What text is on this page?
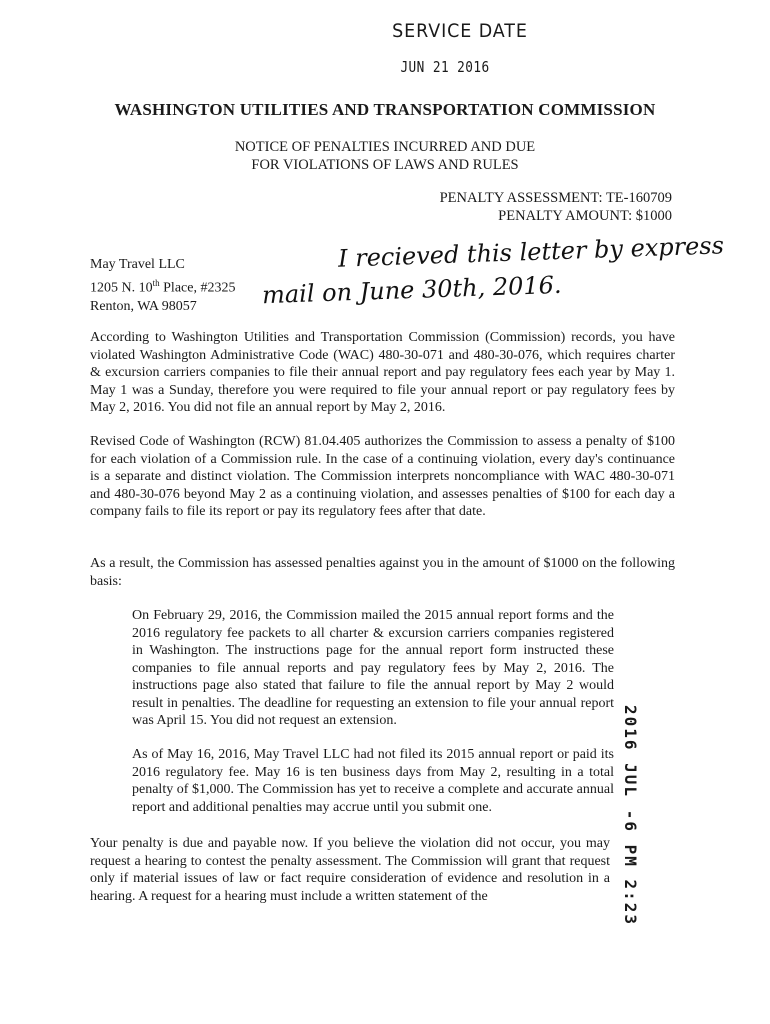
SERVICE DATE
JUN 21 2016
WASHINGTON UTILITIES AND TRANSPORTATION COMMISSION
NOTICE OF PENALTIES INCURRED AND DUE
FOR VIOLATIONS OF LAWS AND RULES
PENALTY ASSESSMENT: TE-160709
PENALTY AMOUNT: $1000
May Travel LLC
1205 N. 10th Place, #2325
Renton, WA 98057
I recieved this letter by express
mail on June 30th, 2016.
According to Washington Utilities and Transportation Commission (Commission) records, you have violated Washington Administrative Code (WAC) 480-30-071 and 480-30-076, which requires charter & excursion carriers companies to file their annual report and pay regulatory fees each year by May 1. May 1 was a Sunday, therefore you were required to file your annual report or pay regulatory fees by May 2, 2016. You did not file an annual report by May 2, 2016.
Revised Code of Washington (RCW) 81.04.405 authorizes the Commission to assess a penalty of $100 for each violation of a Commission rule. In the case of a continuing violation, every day's continuance is a separate and distinct violation. The Commission interprets noncompliance with WAC 480-30-071 and 480-30-076 beyond May 2 as a continuing violation, and assesses penalties of $100 for each day a company fails to file its report or pay its regulatory fees after that date.
As a result, the Commission has assessed penalties against you in the amount of $1000 on the following basis:
On February 29, 2016, the Commission mailed the 2015 annual report forms and the 2016 regulatory fee packets to all charter & excursion carriers companies registered in Washington. The instructions page for the annual report form instructed these companies to file annual reports and pay regulatory fees by May 2, 2016. The instructions page also stated that failure to file the annual report by May 2 would result in penalties. The deadline for requesting an extension to file your annual report was April 15. You did not request an extension.
As of May 16, 2016, May Travel LLC had not filed its 2015 annual report or paid its 2016 regulatory fee. May 16 is ten business days from May 2, resulting in a total penalty of $1,000. The Commission has yet to receive a complete and accurate annual report and additional penalties may accrue until you submit one.
Your penalty is due and payable now. If you believe the violation did not occur, you may request a hearing to contest the penalty assessment. The Commission will grant that request only if material issues of law or fact require consideration of evidence and resolution in a hearing. A request for a hearing must include a written statement of the	2016 JUL -6 PM 2:23
